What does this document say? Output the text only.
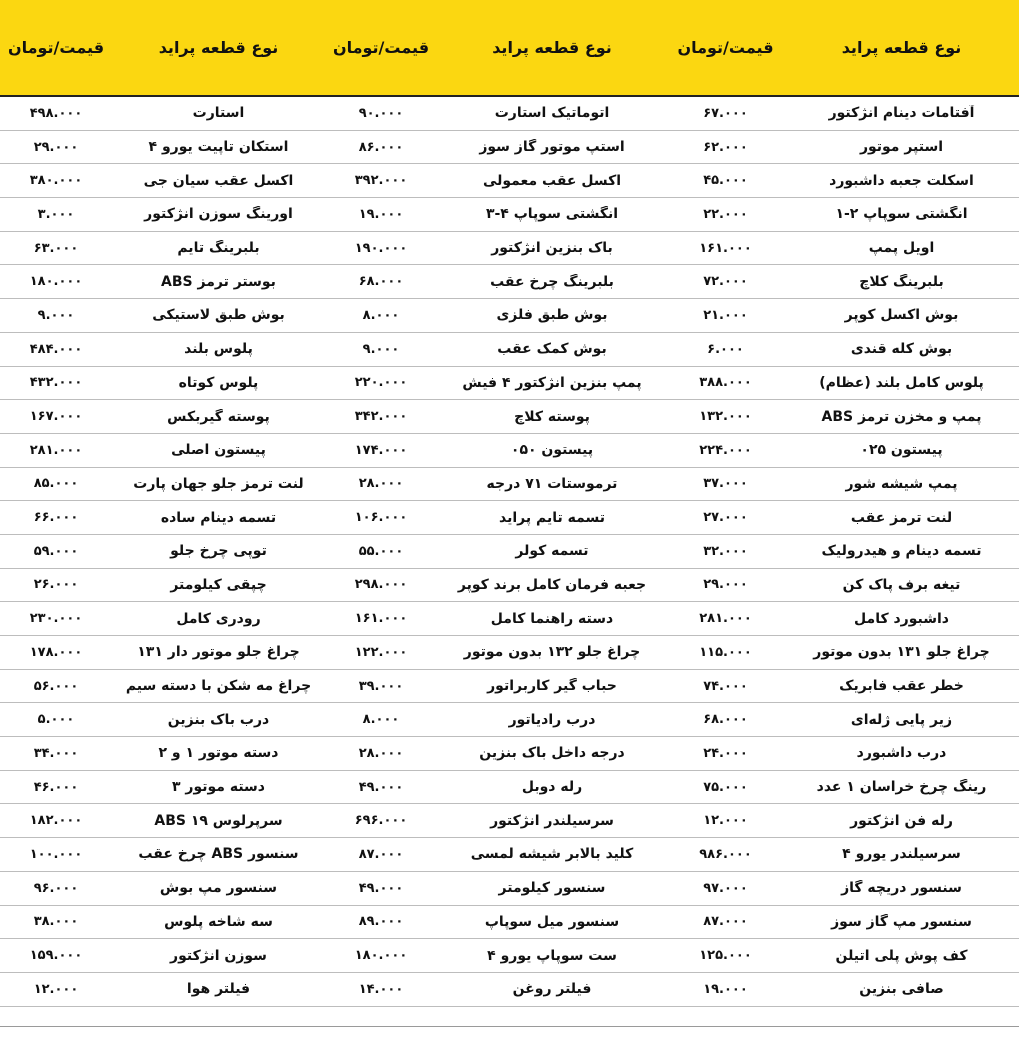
قیمت/تومان	نوع قطعه پراید	قیمت/تومان	نوع قطعه پراید	قیمت/تومان	نوع قطعه پراید
۴۹۸.۰۰۰	استارت	۹۰.۰۰۰	اتوماتیک استارت	۶۷.۰۰۰	آفتامات دینام انژکتور
۲۹.۰۰۰	استکان تاپیت یورو ۴	۸۶.۰۰۰	استپ موتور گاز سوز	۶۲.۰۰۰	استپر موتور
۳۸۰.۰۰۰	اکسل عقب سیان جی	۳۹۲.۰۰۰	اکسل عقب معمولی	۴۵.۰۰۰	اسکلت جعبه داشبورد
۳.۰۰۰	اورینگ سوزن انژکتور	۱۹.۰۰۰	انگشتی سوپاپ ۴-۳	۲۲.۰۰۰	انگشتی سوپاپ ۲-۱
۶۳.۰۰۰	بلبرینگ تایم	۱۹۰.۰۰۰	باک بنزین انژکتور	۱۶۱.۰۰۰	اویل پمپ
۱۸۰.۰۰۰	بوستر ترمز ABS	۶۸.۰۰۰	بلبرینگ چرخ عقب	۷۲.۰۰۰	بلبرینگ کلاچ
۹.۰۰۰	بوش طبق لاستیکی	۸.۰۰۰	بوش طبق فلزی	۲۱.۰۰۰	بوش اکسل کوپر
۴۸۴.۰۰۰	پلوس بلند	۹.۰۰۰	بوش کمک عقب	۶.۰۰۰	بوش کله قندی
۴۳۲.۰۰۰	پلوس کوتاه	۲۲۰.۰۰۰	پمپ بنزین انژکتور ۴ فیش	۳۸۸.۰۰۰	پلوس کامل بلند (عظام)
۱۶۷.۰۰۰	پوسته گیربکس	۳۴۲.۰۰۰	پوسته کلاچ	۱۳۲.۰۰۰	پمپ و مخزن ترمز ABS
۲۸۱.۰۰۰	پیستون اصلی	۱۷۴.۰۰۰	پیستون ۰۵۰	۲۲۴.۰۰۰	پیستون ۰۲۵
۸۵.۰۰۰	لنت ترمز جلو جهان پارت	۲۸.۰۰۰	ترموستات ۷۱ درجه	۳۷.۰۰۰	پمپ شیشه شور
۶۶.۰۰۰	تسمه دینام ساده	۱۰۶.۰۰۰	تسمه تایم پراید	۲۷.۰۰۰	لنت ترمز عقب
۵۹.۰۰۰	توپی چرخ جلو	۵۵.۰۰۰	تسمه کولر	۳۲.۰۰۰	تسمه دینام و هیدرولیک
۲۶.۰۰۰	چپقی کیلومتر	۲۹۸.۰۰۰	جعبه فرمان کامل برند کوپر	۲۹.۰۰۰	تیغه برف پاک کن
۲۳۰.۰۰۰	رودری کامل	۱۶۱.۰۰۰	دسته راهنما کامل	۲۸۱.۰۰۰	داشبورد کامل
۱۷۸.۰۰۰	چراغ جلو موتور دار ۱۳۱	۱۲۲.۰۰۰	چراغ جلو ۱۳۲ بدون موتور	۱۱۵.۰۰۰	چراغ جلو ۱۳۱ بدون موتور
۵۶.۰۰۰	چراغ مه شکن با دسته سیم	۳۹.۰۰۰	حباب گیر کاربراتور	۷۴.۰۰۰	خطر عقب فابریک
۵.۰۰۰	درب باک بنزین	۸.۰۰۰	درب رادیاتور	۶۸.۰۰۰	زیر پایی ژله‌ای
۳۴.۰۰۰	دسته موتور ۱ و ۲	۲۸.۰۰۰	درجه داخل باک بنزین	۲۴.۰۰۰	درب داشبورد
۴۶.۰۰۰	دسته موتور ۳	۴۹.۰۰۰	رله دوبل	۷۵.۰۰۰	رینگ چرخ خراسان ۱ عدد
۱۸۲.۰۰۰	سرپرلوس ۱۹ ABS	۶۹۶.۰۰۰	سرسیلندر انژکتور	۱۲.۰۰۰	رله فن انژکتور
۱۰۰.۰۰۰	سنسور ABS چرخ عقب	۸۷.۰۰۰	کلید بالابر شیشه لمسی	۹۸۶.۰۰۰	سرسیلندر یورو ۴
۹۶.۰۰۰	سنسور مپ بوش	۴۹.۰۰۰	سنسور کیلومتر	۹۷.۰۰۰	سنسور دریچه گاز
۳۸.۰۰۰	سه شاخه پلوس	۸۹.۰۰۰	سنسور میل سوپاپ	۸۷.۰۰۰	سنسور مپ گاز سوز
۱۵۹.۰۰۰	سوزن انژکتور	۱۸۰.۰۰۰	ست سوپاپ یورو ۴	۱۲۵.۰۰۰	کف پوش پلی اتیلن
۱۲.۰۰۰	فیلتر هوا	۱۴.۰۰۰	فیلتر روغن	۱۹.۰۰۰	صافی بنزین
